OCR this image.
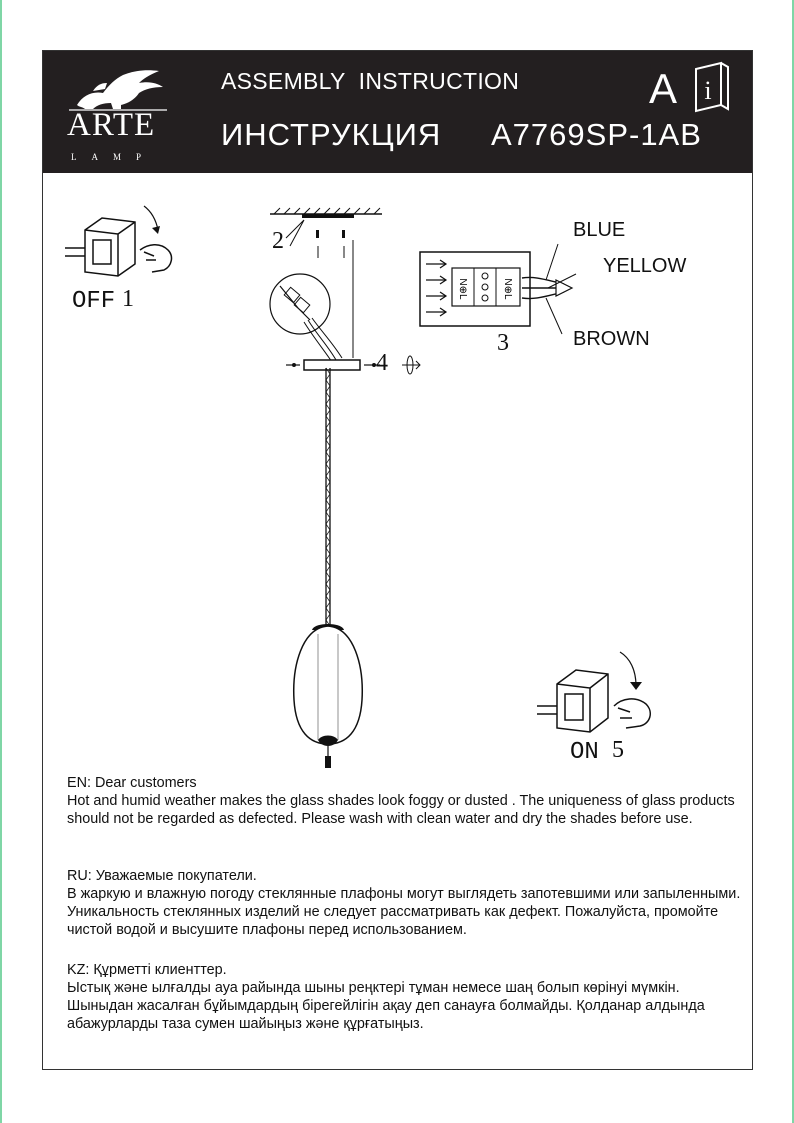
ARTE
LAMP
ASSEMBLY  INSTRUCTION
ИНСТРУКЦИЯ A7769SP-1AB
A i
OFF 1
2
4
N⊕L	N⊕L
BLUE
YELLOW
BROWN
3
ON 5

EN: Dear customers

Hot and humid weather makes the glass shades look foggy or dusted . The uniqueness of glass products should not be regarded as defected. Please wash with clean water and dry the shades before use.

RU: Уважаемые покупатели.

В жаркую и влажную погоду стеклянные плафоны могут выглядеть запотевшими или запыленными. Уникальность стеклянных изделий не следует рассматривать как дефект. Пожалуйста, промойте чистой водой и высушите плафоны перед использованием.

KZ: Құрметті клиенттер.

Ыстық және ылғалды ауа райында шыны реңктері тұман немесе шаң болып көрінуі мүмкін. Шыныдан жасалған бұйымдардың бірегейлігін ақау деп санауға болмайды. Қолданар алдында абажурларды таза сумен шайыңыз және құрғатыңыз.
